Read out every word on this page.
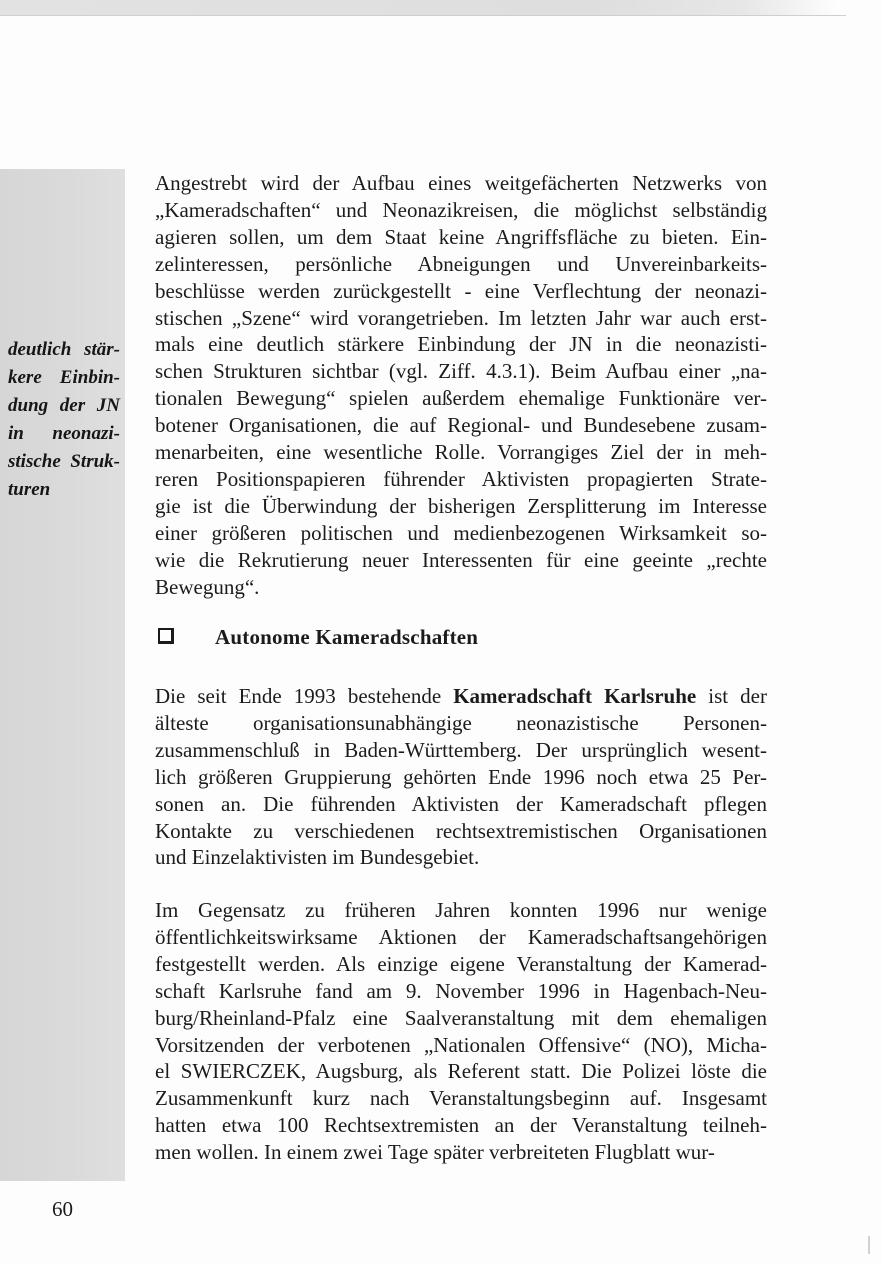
deutlich stär-
kere Einbin-
dung der JN
in neonazi-
stische Struk-
turen
Angestrebt wird der Aufbau eines weitgefächerten Netzwerks von
„Kameradschaften“ und Neonazikreisen, die möglichst selbständig
agieren sollen, um dem Staat keine Angriffsfläche zu bieten. Ein-
zelinteressen, persönliche Abneigungen und Unvereinbarkeits-
beschlüsse werden zurückgestellt - eine Verflechtung der neonazi-
stischen „Szene“ wird vorangetrieben. Im letzten Jahr war auch erst-
mals eine deutlich stärkere Einbindung der JN in die neonazisti-
schen Strukturen sichtbar (vgl. Ziff. 4.3.1). Beim Aufbau einer „na-
tionalen Bewegung“ spielen außerdem ehemalige Funktionäre ver-
botener Organisationen, die auf Regional- und Bundesebene zusam-
menarbeiten, eine wesentliche Rolle. Vorrangiges Ziel der in meh-
reren Positionspapieren führender Aktivisten propagierten Strate-
gie ist die Überwindung der bisherigen Zersplitterung im Interesse
einer größeren politischen und medienbezogenen Wirksamkeit so-
wie die Rekrutierung neuer Interessenten für eine geeinte „rechte
Bewegung“.
Die seit Ende 1993 bestehende Kameradschaft Karlsruhe ist der
älteste organisationsunabhängige neonazistische Personen-
zusammenschluß in Baden-Württemberg. Der ursprünglich wesent-
lich größeren Gruppierung gehörten Ende 1996 noch etwa 25 Per-
sonen an. Die führenden Aktivisten der Kameradschaft pflegen
Kontakte zu verschiedenen rechtsextremistischen Organisationen
und Einzelaktivisten im Bundesgebiet.
Im Gegensatz zu früheren Jahren konnten 1996 nur wenige
öffentlichkeitswirksame Aktionen der Kameradschaftsangehörigen
festgestellt werden. Als einzige eigene Veranstaltung der Kamerad-
schaft Karlsruhe fand am 9. November 1996 in Hagenbach-Neu-
burg/Rheinland-Pfalz eine Saalveranstaltung mit dem ehemaligen
Vorsitzenden der verbotenen „Nationalen Offensive“ (NO), Micha-
el SWIERCZEK, Augsburg, als Referent statt. Die Polizei löste die
Zusammenkunft kurz nach Veranstaltungsbeginn auf. Insgesamt
hatten etwa 100 Rechtsextremisten an der Veranstaltung teilneh-
men wollen. In einem zwei Tage später verbreiteten Flugblatt wur-
Autonome Kameradschaften
60
